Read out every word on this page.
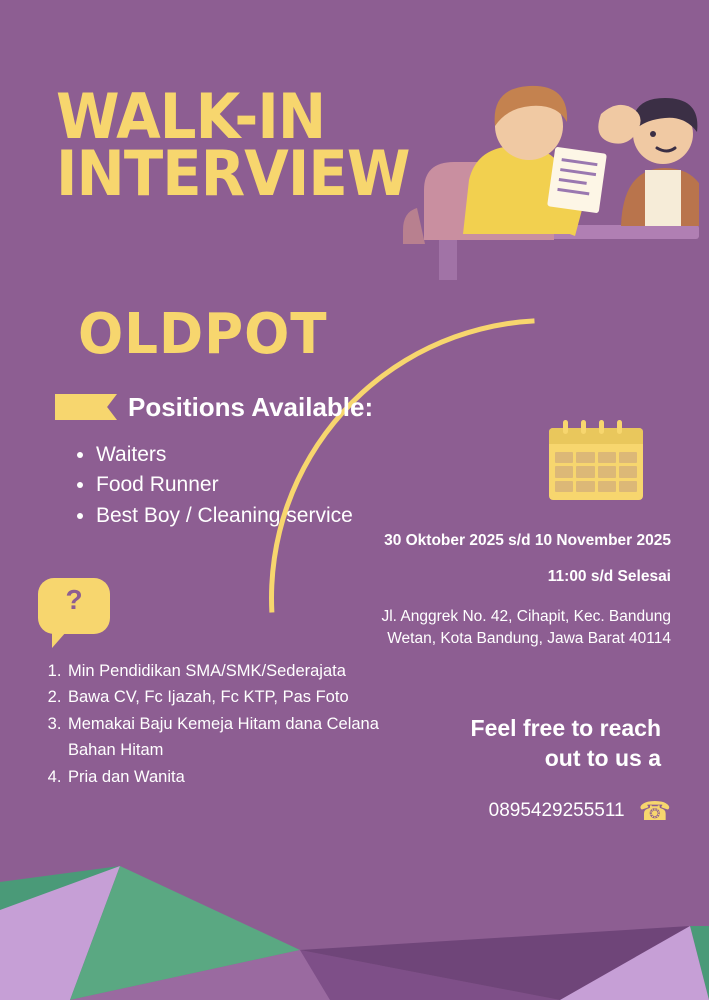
WALK-IN
INTERVIEW
OLDPOT
Positions Available:
• Waiters
• Food Runner
• Best Boy / Cleaning service
?
1. Min Pendidikan SMA/SMK/Sederajata
2. Bawa CV, Fc Ijazah, Fc KTP, Pas Foto
3. Memakai Baju Kemeja Hitam dana Celana Bahan Hitam
4. Pria dan Wanita
30 Oktober 2025 s/d 10 November 2025
11:00 s/d Selesai
Jl. Anggrek No. 42, Cihapit, Kec. Bandung Wetan, Kota Bandung, Jawa Barat 40114
Feel free to reach
out to us a
0895429255511 ☎
